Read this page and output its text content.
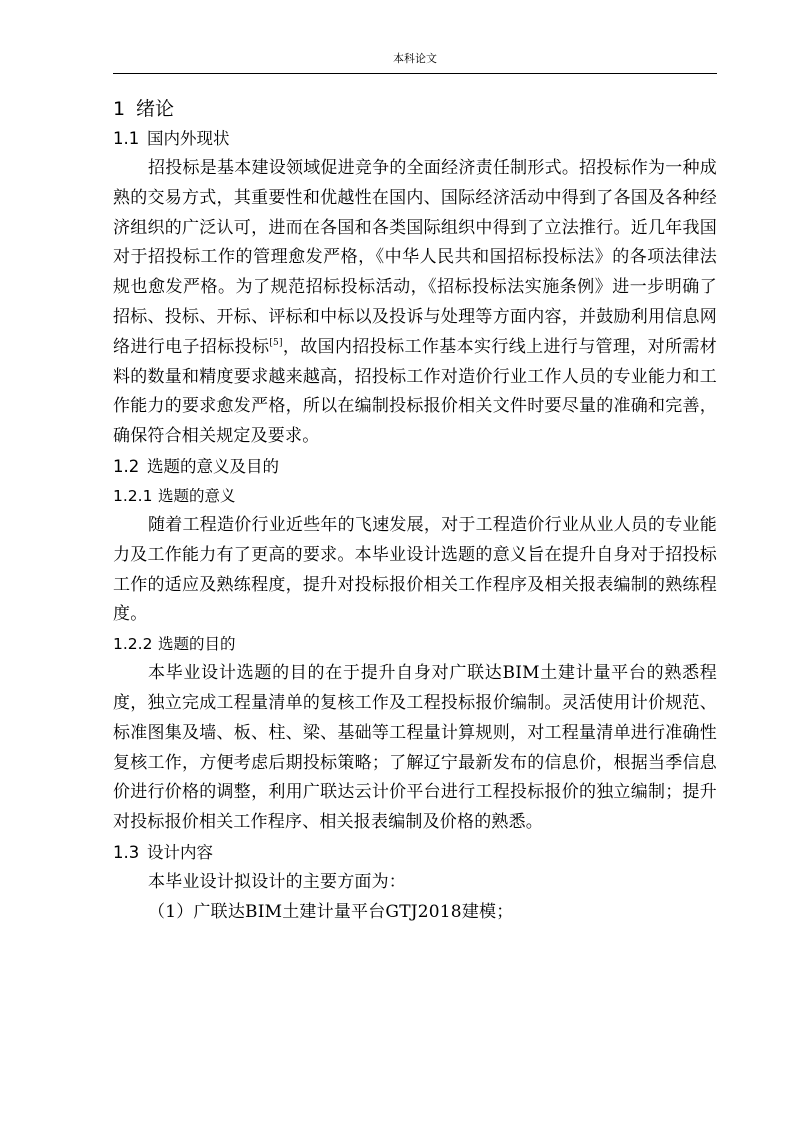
本科论文
1 绪论
1.1 国内外现状

招投标是基本建设领域促进竞争的全面经济责任制形式。招投标作为一种成熟的交易方式，其重要性和优越性在国内、国际经济活动中得到了各国及各种经济组织的广泛认可，进而在各国和各类国际组织中得到了立法推行。近几年我国对于招投标工作的管理愈发严格，《中华人民共和国招标投标法》的各项法律法规也愈发严格。为了规范招标投标活动，《招标投标法实施条例》进一步明确了招标、投标、开标、评标和中标以及投诉与处理等方面内容，并鼓励利用信息网络进行电子招标投标[5]，故国内招投标工作基本实行线上进行与管理，对所需材料的数量和精度要求越来越高，招投标工作对造价行业工作人员的专业能力和工作能力的要求愈发严格，所以在编制投标报价相关文件时要尽量的准确和完善，确保符合相关规定及要求。

1.2 选题的意义及目的
1.2.1 选题的意义

随着工程造价行业近些年的飞速发展，对于工程造价行业从业人员的专业能力及工作能力有了更高的要求。本毕业设计选题的意义旨在提升自身对于招投标工作的适应及熟练程度，提升对投标报价相关工作程序及相关报表编制的熟练程度。

1.2.2 选题的目的

本毕业设计选题的目的在于提升自身对广联达BIM土建计量平台的熟悉程度，独立完成工程量清单的复核工作及工程投标报价编制。灵活使用计价规范、标准图集及墙、板、柱、梁、基础等工程量计算规则，对工程量清单进行准确性复核工作，方便考虑后期投标策略；了解辽宁最新发布的信息价，根据当季信息价进行价格的调整，利用广联达云计价平台进行工程投标报价的独立编制；提升对投标报价相关工作程序、相关报表编制及价格的熟悉。

1.3 设计内容

本毕业设计拟设计的主要方面为：

（1）广联达BIM土建计量平台GTJ2018建模；
